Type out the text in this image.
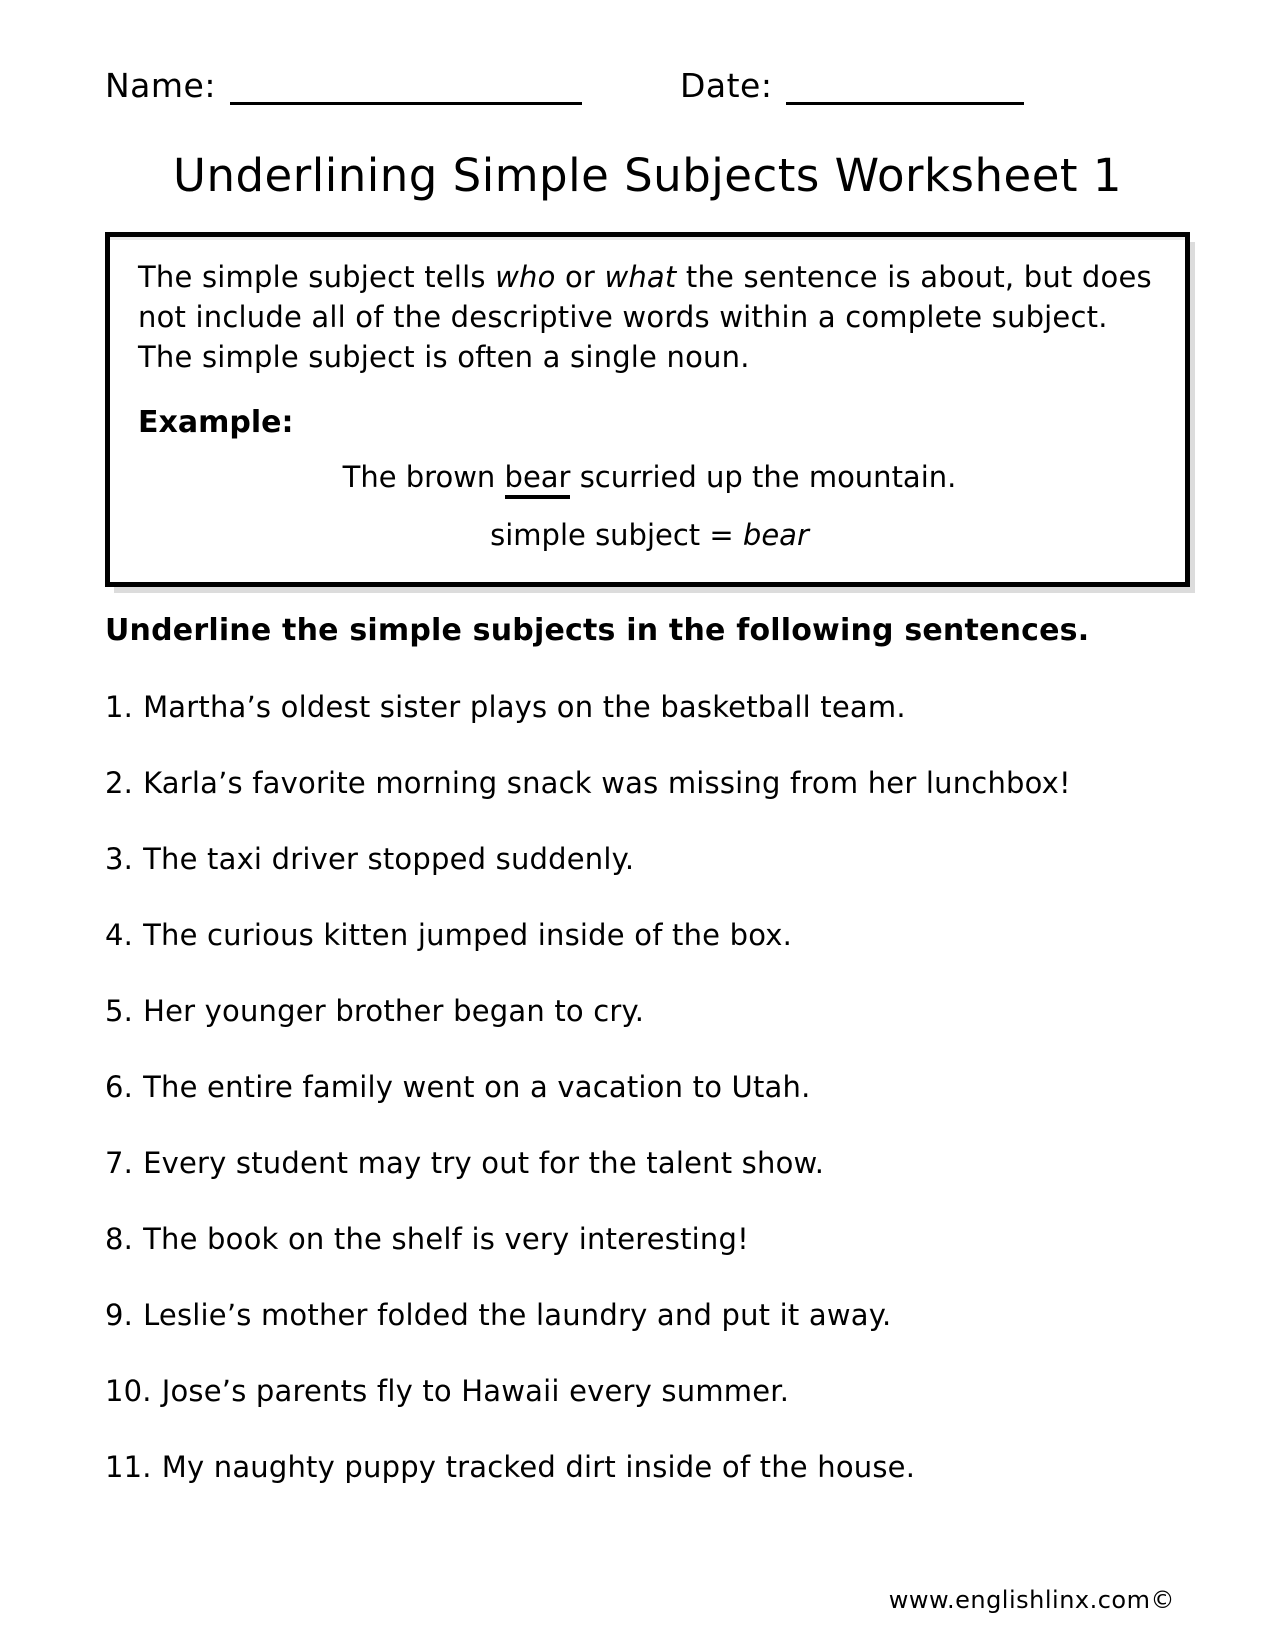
Name:	Date:
Underlining Simple Subjects Worksheet 1

The simple subject tells who or what the sentence is about, but does not include all of the descriptive words within a complete subject. The simple subject is often a single noun.

Example:

The brown bear scurried up the mountain.

simple subject = bear

Underline the simple subjects in the following sentences.

1. Martha’s oldest sister plays on the basketball team.
2. Karla’s favorite morning snack was missing from her lunchbox!
3. The taxi driver stopped suddenly.
4. The curious kitten jumped inside of the box.
5. Her younger brother began to cry.
6. The entire family went on a vacation to Utah.
7. Every student may try out for the talent show.
8. The book on the shelf is very interesting!
9. Leslie’s mother folded the laundry and put it away.
10. Jose’s parents fly to Hawaii every summer.
11. My naughty puppy tracked dirt inside of the house.
www.englishlinx.com©
